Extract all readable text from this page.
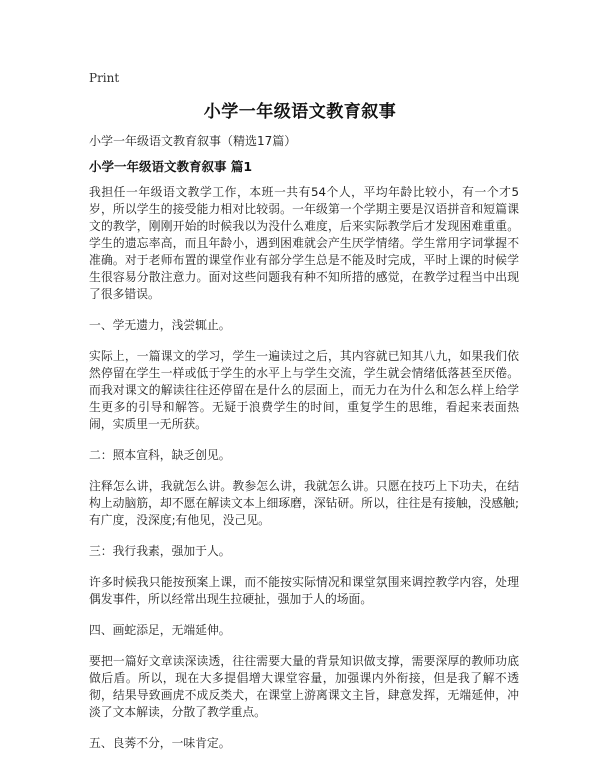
Print
小学一年级语文教育叙事
小学一年级语文教育叙事（精选17篇）
小学一年级语文教育叙事 篇1

我担任一年级语文教学工作，本班一共有54个人，平均年龄比较小，有一个才5岁，所以学生的接受能力相对比较弱。一年级第一个学期主要是汉语拼音和短篇课文的教学，刚刚开始的时候我以为没什么难度，后来实际教学后才发现困难重重。学生的遗忘率高，而且年龄小，遇到困难就会产生厌学情绪。学生常用字词掌握不准确。对于老师布置的课堂作业有部分学生总是不能及时完成，平时上课的时候学生很容易分散注意力。面对这些问题我有种不知所措的感觉，在教学过程当中出现了很多错误。

一、学无遗力，浅尝辄止。

实际上，一篇课文的学习，学生一遍读过之后，其内容就已知其八九，如果我们依然停留在学生一样或低于学生的水平上与学生交流，学生就会情绪低落甚至厌倦。而我对课文的解读往往还停留在是什么的层面上，而无力在为什么和怎么样上给学生更多的引导和解答。无疑于浪费学生的时间，重复学生的思维，看起来表面热闹，实质里一无所获。

二：照本宣科，缺乏创见。

注释怎么讲，我就怎么讲。教参怎么讲，我就怎么讲。只愿在技巧上下功夫，在结构上动脑筋，却不愿在解读文本上细琢磨，深钻研。所以，往往是有接触，没感触;有广度，没深度;有他见，没己见。

三：我行我素，强加于人。

许多时候我只能按预案上课，而不能按实际情况和课堂氛围来调控教学内容，处理偶发事件，所以经常出现生拉硬扯，强加于人的场面。

四、画蛇添足，无端延伸。

要把一篇好文章读深读透，往往需要大量的背景知识做支撑，需要深厚的教师功底做后盾。所以，现在大多提倡增大课堂容量，加强课内外衔接，但是我了解不透彻，结果导致画虎不成反类犬，在课堂上游离课文主旨，肆意发挥，无端延伸，冲淡了文本解读，分散了教学重点。

五、良莠不分，一味肯定。
